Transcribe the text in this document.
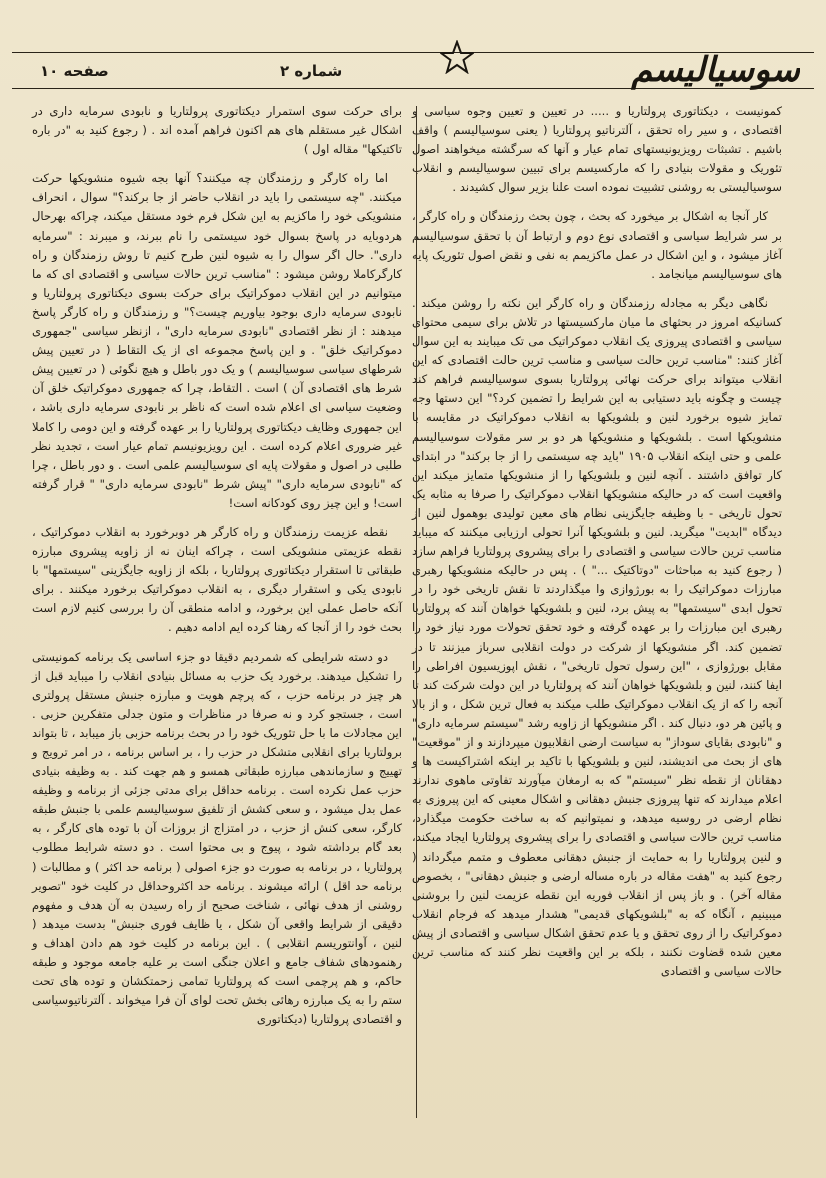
سوسیالیسم
شماره ۲
صفحه ۱۰

کمونیست ، دیکتاتوری پرولتاریا و ..... در تعیین و تعیین وجوه سیاسی و اقتصادی ، و سیر راه تحقق ، آلترناتیو پرولتاریا ( یعنی سوسیالیسم ) واقف باشیم . تشبثات رویزیونیستهای تمام عیار و آنها که سرگشته میخواهند اصول تئوریک و مقولات بنیادی را که مارکسیسم برای تبیین سوسیالیسم و انقلاب سوسیالیستی به روشنی تشبیت نموده است علنا بزیر سوال کشیدند .

کار آنجا به اشکال بر میخورد که بحث ، چون بحث رزمندگان و راه کارگر ، بر سر شرایط سیاسی و اقتصادی نوع دوم و ارتباط آن با تحقق سوسیالیسم آغاز میشود ، و این اشکال در عمل ماکزیمم به نفی و نقض اصول تئوریک پایه های سوسیالیسم میانجامد .

نگاهی دیگر به مجادله رزمندگان و راه کارگر این نکته را روشن میکند . کسانیکه امروز در بحثهای ما میان مارکسیستها در تلاش برای سیمی محتوای سیاسی و اقتصادی پیروزی یک انقلاب دموکراتیک می تک میبایند به این سوال آغاز کنند: "مناسب ترین حالت سیاسی و مناسب ترین حالت اقتصادی که این انقلاب میتواند برای حرکت نهائی پرولتاریا بسوی سوسیالیسم فراهم کند چیست و چگونه باید دستیابی به این شرایط را تضمین کرد؟" این دستها وجه تمایز شیوه برخورد لنین و بلشویکها به انقلاب دموکراتیک در مقایسه با منشویکها است . بلشویکها و منشویکها هر دو بر سر مقولات سوسیالیسم علمی و حتی اینکه انقلاب ۱۹۰۵ "باید چه سیستمی را از جا برکند" در ابتدای کار توافق داشتند . آنچه لنین و بلشویکها را از منشویکها متمایز میکند این واقعیت است که در حالیکه منشویکها انقلاب دموکراتیک را صرفا به مثابه یک تحول تاریخی - با وظیفه جایگزینی نظام های معین تولیدی بوهمول لنین از دیدگاه "ابدیت" میگرید. لنین و بلشویکها آنرا تحولی ارزیابی میکنند که میباید مناسب ترین حالات سیاسی و اقتصادی را برای پیشروی پرولتاریا فراهم سازد ( رجوع کنید به مباحثات "دوتاکتیک ..." ) . پس در حالیکه منشویکها رهبری مبارزات دموکراتیک را به بورژوازی وا میگذاردند تا نقش تاریخی خود را در تحول ابدی "سیستمها" به پیش برد، لنین و بلشویکها خواهان آنند که پرولتاریا رهبری این مبارزات را بر عهده گرفته و خود تحقق تحولات مورد نیاز خود را تضمین کند. اگر منشویکها از شرکت در دولت انقلابی سرباز میزنند تا در مقابل بورژوازی ، "این رسول تحول تاریخی" ، نقش اپوزیسیون افراطی را ایفا کنند، لنین و بلشویکها خواهان آنند که پرولتاریا در این دولت شرکت کند تا آنجه را که از یک انقلاب دموکراتیک طلب میکند به فعال ترین شکل ، و از بالا و پائین هر دو، دنبال کند . اگر منشویکها از زاویه رشد "سیستم سرمایه داری" و "نابودی بقایای سوداز" به سیاست ارضی انقلابیون میپردازند و از "موقعیت" های از بحث می اندیشند، لنین و بلشویکها با تاکید بر اینکه اشتراکیست ها و دهقانان از نقطه نظر "سیستم" که به ارمغان میآورند تفاوتی ماهوی ندارند اعلام میدارند که تنها پیروزی جنبش دهقانی و اشکال معینی که این پیروزی به نظام ارضی در روسیه میدهد، و نمیتوانیم که به ساخت حکومت میگذارد، مناسب ترین حالات سیاسی و اقتصادی را برای پیشروی پرولتاریا ایجاد میکند، و لنین پرولتاریا را به حمایت از جنبش دهقانی معطوف و متمم میگرداند ( رجوع کنید به "هفت مقاله در باره مساله ارضی و جنبش دهقانی" ، بخصوص مقاله آخر) . و باز پس از انقلاب فوریه این نقطه عزیمت لنین را بروشنی میبینیم ، آنگاه که به "بلشویکهای قدیمی" هشدار میدهد که فرجام انقلاب دموکراتیک را از روی تحقق و یا عدم تحقق اشکال سیاسی و اقتصادی از پیش معین شده قضاوت نکنند ، بلکه بر این واقعیت نظر کنند که مناسب ترین حالات سیاسی و اقتصادی

برای حرکت سوی استمرار دیکتاتوری پرولتاریا و نابودی سرمایه داری در اشکال غیر مستقلم های هم اکنون فراهم آمده اند . ( رجوع کنید به "در باره تاکتیکها" مقاله اول )

اما راه کارگر و رزمندگان چه میکنند؟ آنها بجه شیوه منشویکها حرکت میکنند. "چه سیستمی را باید در انقلاب حاضر از جا برکند؟" سوال ، انحراف منشویکی خود را ماکزیم به این شکل فرم خود مستقل میکند، چراکه بهرحال هردوبایه در پاسخ بسوال خود سیستمی را نام ببرند، و میبرند : "سرمایه داری". حال اگر سوال را به شیوه لنین طرح کنیم تا روش رزمندگان و راه کارگرکاملا روشن میشود : "مناسب ترین حالات سیاسی و اقتصادی ای که ما میتوانیم در این انقلاب دموکراتیک برای حرکت بسوی دیکتاتوری پرولتاریا و نابودی سرمایه داری بوجود بیاوریم چیست؟" و رزمندگان و راه کارگر پاسخ میدهند : از نظر اقتصادی "نابودی سرمایه داری" ، ازنظر سیاسی "جمهوری دموکراتیک خلق" . و این پاسخ مجموعه ای از یک التقاط ( در تعیین پیش شرطهای سیاسی سوسیالیسم ) و یک دور باطل و هیچ نگوئی ( در تعیین پیش شرط های اقتصادی آن ) است . التقاط، چرا که جمهوری دموکراتیک خلق آن وضعیت سیاسی ای اعلام شده است که ناظر بر نابودی سرمایه داری باشد ، این جمهوری وظایف دیکتاتوری پرولتاریا را بر عهده گرفته و این دومی را کاملا غیر ضروری اعلام کرده است . این رویزیونیسم تمام عیار است ، تجدید نظر طلبی در اصول و مقولات پایه ای سوسیالیسم علمی است . و دور باطل ، چرا که "نابودی سرمایه داری" "پیش شرط "نابودی سرمایه داری" " قرار گرفته است! و این چیز روی کودکانه است!

نقطه عزیمت رزمندگان و راه کارگر هر دوبرخورد به انقلاب دموکراتیک ، نقطه عزیمتی منشویکی است ، چراکه اینان نه از زاویه پیشروی مبارزه طبقاتی تا استقرار دیکتاتوری پرولتاریا ، بلکه از زاویه جایگزینی "سیستمها" با نابودی یکی و استقرار دیگری ، به انقلاب دموکراتیک برخورد میکنند . برای آنکه حاصل عملی این برخورد، و ادامه منطقی آن را بررسی کنیم لازم است بحث خود را از آنجا که رهنا کرده ایم ادامه دهیم .

دو دسته شرایطی که شمردیم دقیقا دو جزء اساسی یک برنامه کمونیستی را تشکیل میدهند. برخورد یک حزب به مسائل بنیادی انقلاب را میباید قبل از هر چیز در برنامه حزب ، که پرچم هویت و مبارزه جنبش مستقل پرولتری است ، جستجو کرد و نه صرفا در مناظرات و متون جدلی متفکرین حزبی . این مجادلات ما با حل تئوریک خود را در بحث برنامه حزبی باز میبابد ، تا بتواند برولتاریا برای انقلابی متشکل در حزب را ، بر اساس برنامه ، در امر ترویج و تهییج و سازماندهی مبارزه طبقاتی همسو و هم جهت کند . به وظیفه بنیادی حزب عمل نکرده است . برنامه حداقل برای مدتی جزئی از برنامه و وظیفه عمل بدل میشود ، و سعی کشش از تلفیق سوسیالیسم علمی با جنبش طبقه کارگر، سعی کنش از حزب ، در امتزاج از بروزات آن با توده های کارگر ، به بعد گام برداشته شود ، پیوج و بی محتوا است . دو دسته شرایط مطلوب پرولتاریا ، در برنامه به صورت دو جزء اصولی ( برنامه حد اکثر ) و مطالبات ( برنامه حد اقل ) ارائه میشوند . برنامه حد اکثروحداقل در کلیت خود "تصویر روشنی از هدف نهائی ، شناخت صحیح از راه رسیدن به آن هدف و مفهوم دقیقی از شرایط واقعی آن شکل ، یا ظایف فوری جنبش" بدست میدهد ( لنین ، آوانتوریسم انقلابی ) . این برنامه در کلیت خود هم دادن اهداف و رهنمودهای شفاف جامع و اعلان جنگی است بر علیه جامعه موجود و طبقه حاکم، و هم پرچمی است که پرولتاریا تمامی زحمتکشان و توده های تحت ستم را به یک مبارزه رهائی بخش تحت لوای آن فرا میخواند . آلترناتیوسیاسی و اقتصادی پرولتاریا (دیکتاتوری
